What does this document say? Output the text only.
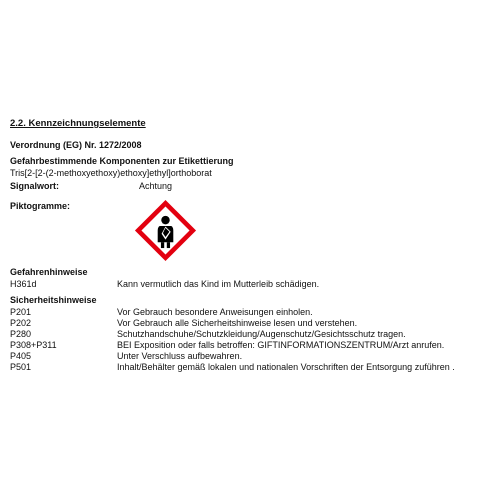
2.2. Kennzeichnungselemente
Verordnung (EG) Nr. 1272/2008
Gefahrbestimmende Komponenten zur Etikettierung
Tris[2-[2-(2-methoxyethoxy)ethoxy]ethyl]orthoborat
Signalwort:	Achtung
Piktogramme:
Gefahrenhinweise
H361d	Kann vermutlich das Kind im Mutterleib schädigen.
Sicherheitshinweise
P201	Vor Gebrauch besondere Anweisungen einholen.
P202	Vor Gebrauch alle Sicherheitshinweise lesen und verstehen.
P280	Schutzhandschuhe/Schutzkleidung/Augenschutz/Gesichtsschutz tragen.
P308+P311	BEI Exposition oder falls betroffen: GIFTINFORMATIONSZENTRUM/Arzt anrufen.
P405	Unter Verschluss aufbewahren.
P501	Inhalt/Behälter gemäß lokalen und nationalen Vorschriften der Entsorgung zuführen .
